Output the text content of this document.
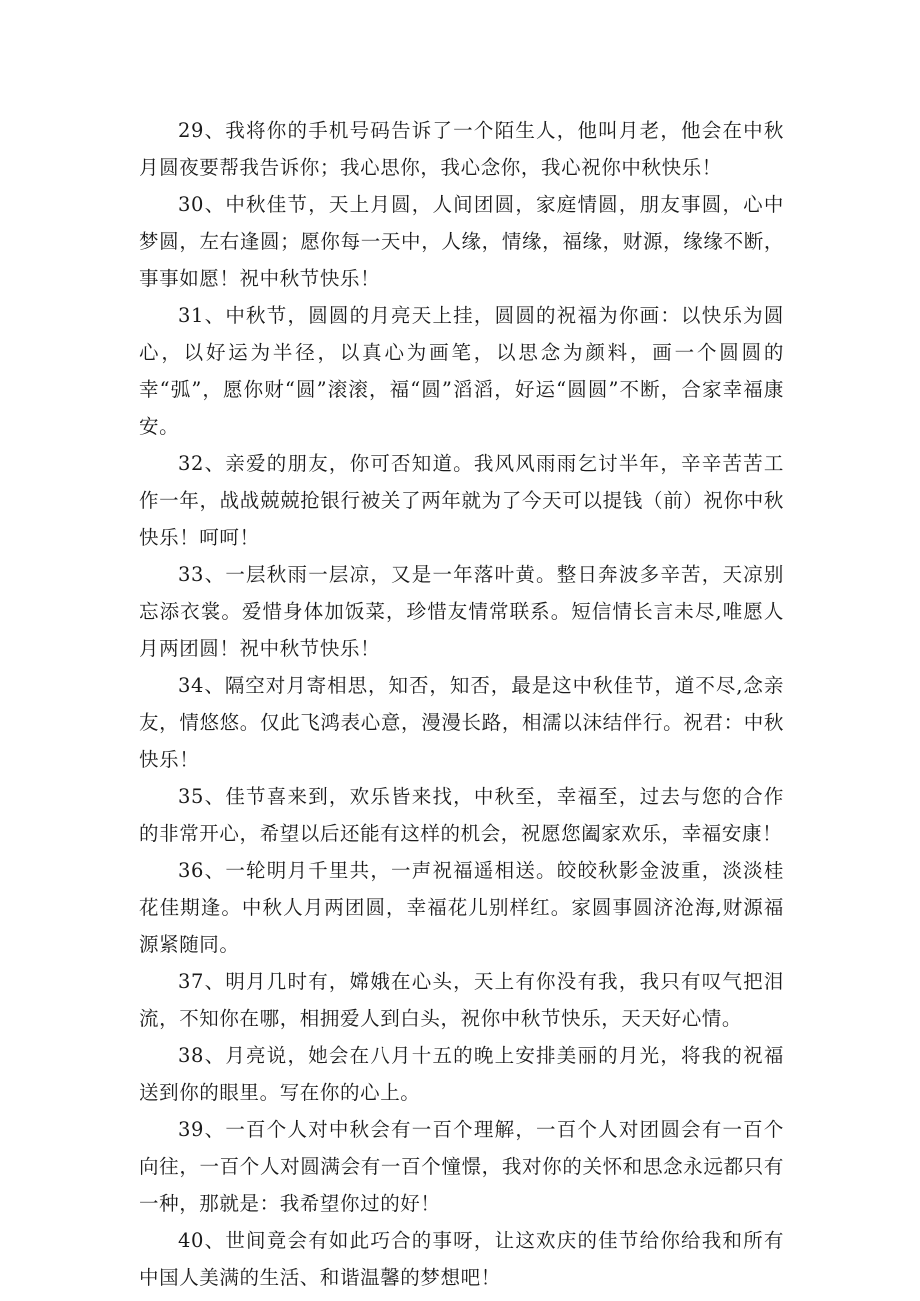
29、我将你的手机号码告诉了一个陌生人，他叫月老，他会在中秋月圆夜要帮我告诉你；我心思你，我心念你，我心祝你中秋快乐！

30、中秋佳节，天上月圆，人间团圆，家庭情圆，朋友事圆，心中梦圆，左右逢圆；愿你每一天中，人缘，情缘，福缘，财源，缘缘不断，事事如愿！祝中秋节快乐！

31、中秋节，圆圆的月亮天上挂，圆圆的祝福为你画：以快乐为圆心，以好运为半径，以真心为画笔，以思念为颜料，画一个圆圆的幸“弧”，愿你财“圆”滚滚，福“圆”滔滔，好运“圆圆”不断，合家幸福康安。

32、亲爱的朋友，你可否知道。我风风雨雨乞讨半年，辛辛苦苦工作一年，战战兢兢抢银行被关了两年就为了今天可以提钱（前）祝你中秋快乐！呵呵！

33、一层秋雨一层凉，又是一年落叶黄。整日奔波多辛苦，天凉别忘添衣裳。爱惜身体加饭菜，珍惜友情常联系。短信情长言未尽,唯愿人月两团圆！祝中秋节快乐！

34、隔空对月寄相思，知否，知否，最是这中秋佳节，道不尽,念亲友，情悠悠。仅此飞鸿表心意，漫漫长路，相濡以沫结伴行。祝君：中秋快乐！

35、佳节喜来到，欢乐皆来找，中秋至，幸福至，过去与您的合作的非常开心，希望以后还能有这样的机会，祝愿您阖家欢乐，幸福安康！

36、一轮明月千里共，一声祝福遥相送。皎皎秋影金波重，淡淡桂花佳期逢。中秋人月两团圆，幸福花儿别样红。家圆事圆济沧海,财源福源紧随同。

37、明月几时有，嫦娥在心头，天上有你没有我，我只有叹气把泪流，不知你在哪，相拥爱人到白头，祝你中秋节快乐，天天好心情。

38、月亮说，她会在八月十五的晚上安排美丽的月光，将我的祝福送到你的眼里。写在你的心上。

39、一百个人对中秋会有一百个理解，一百个人对团圆会有一百个向往，一百个人对圆满会有一百个憧憬，我对你的关怀和思念永远都只有一种，那就是：我希望你过的好！

40、世间竟会有如此巧合的事呀，让这欢庆的佳节给你给我和所有中国人美满的生活、和谐温馨的梦想吧！
